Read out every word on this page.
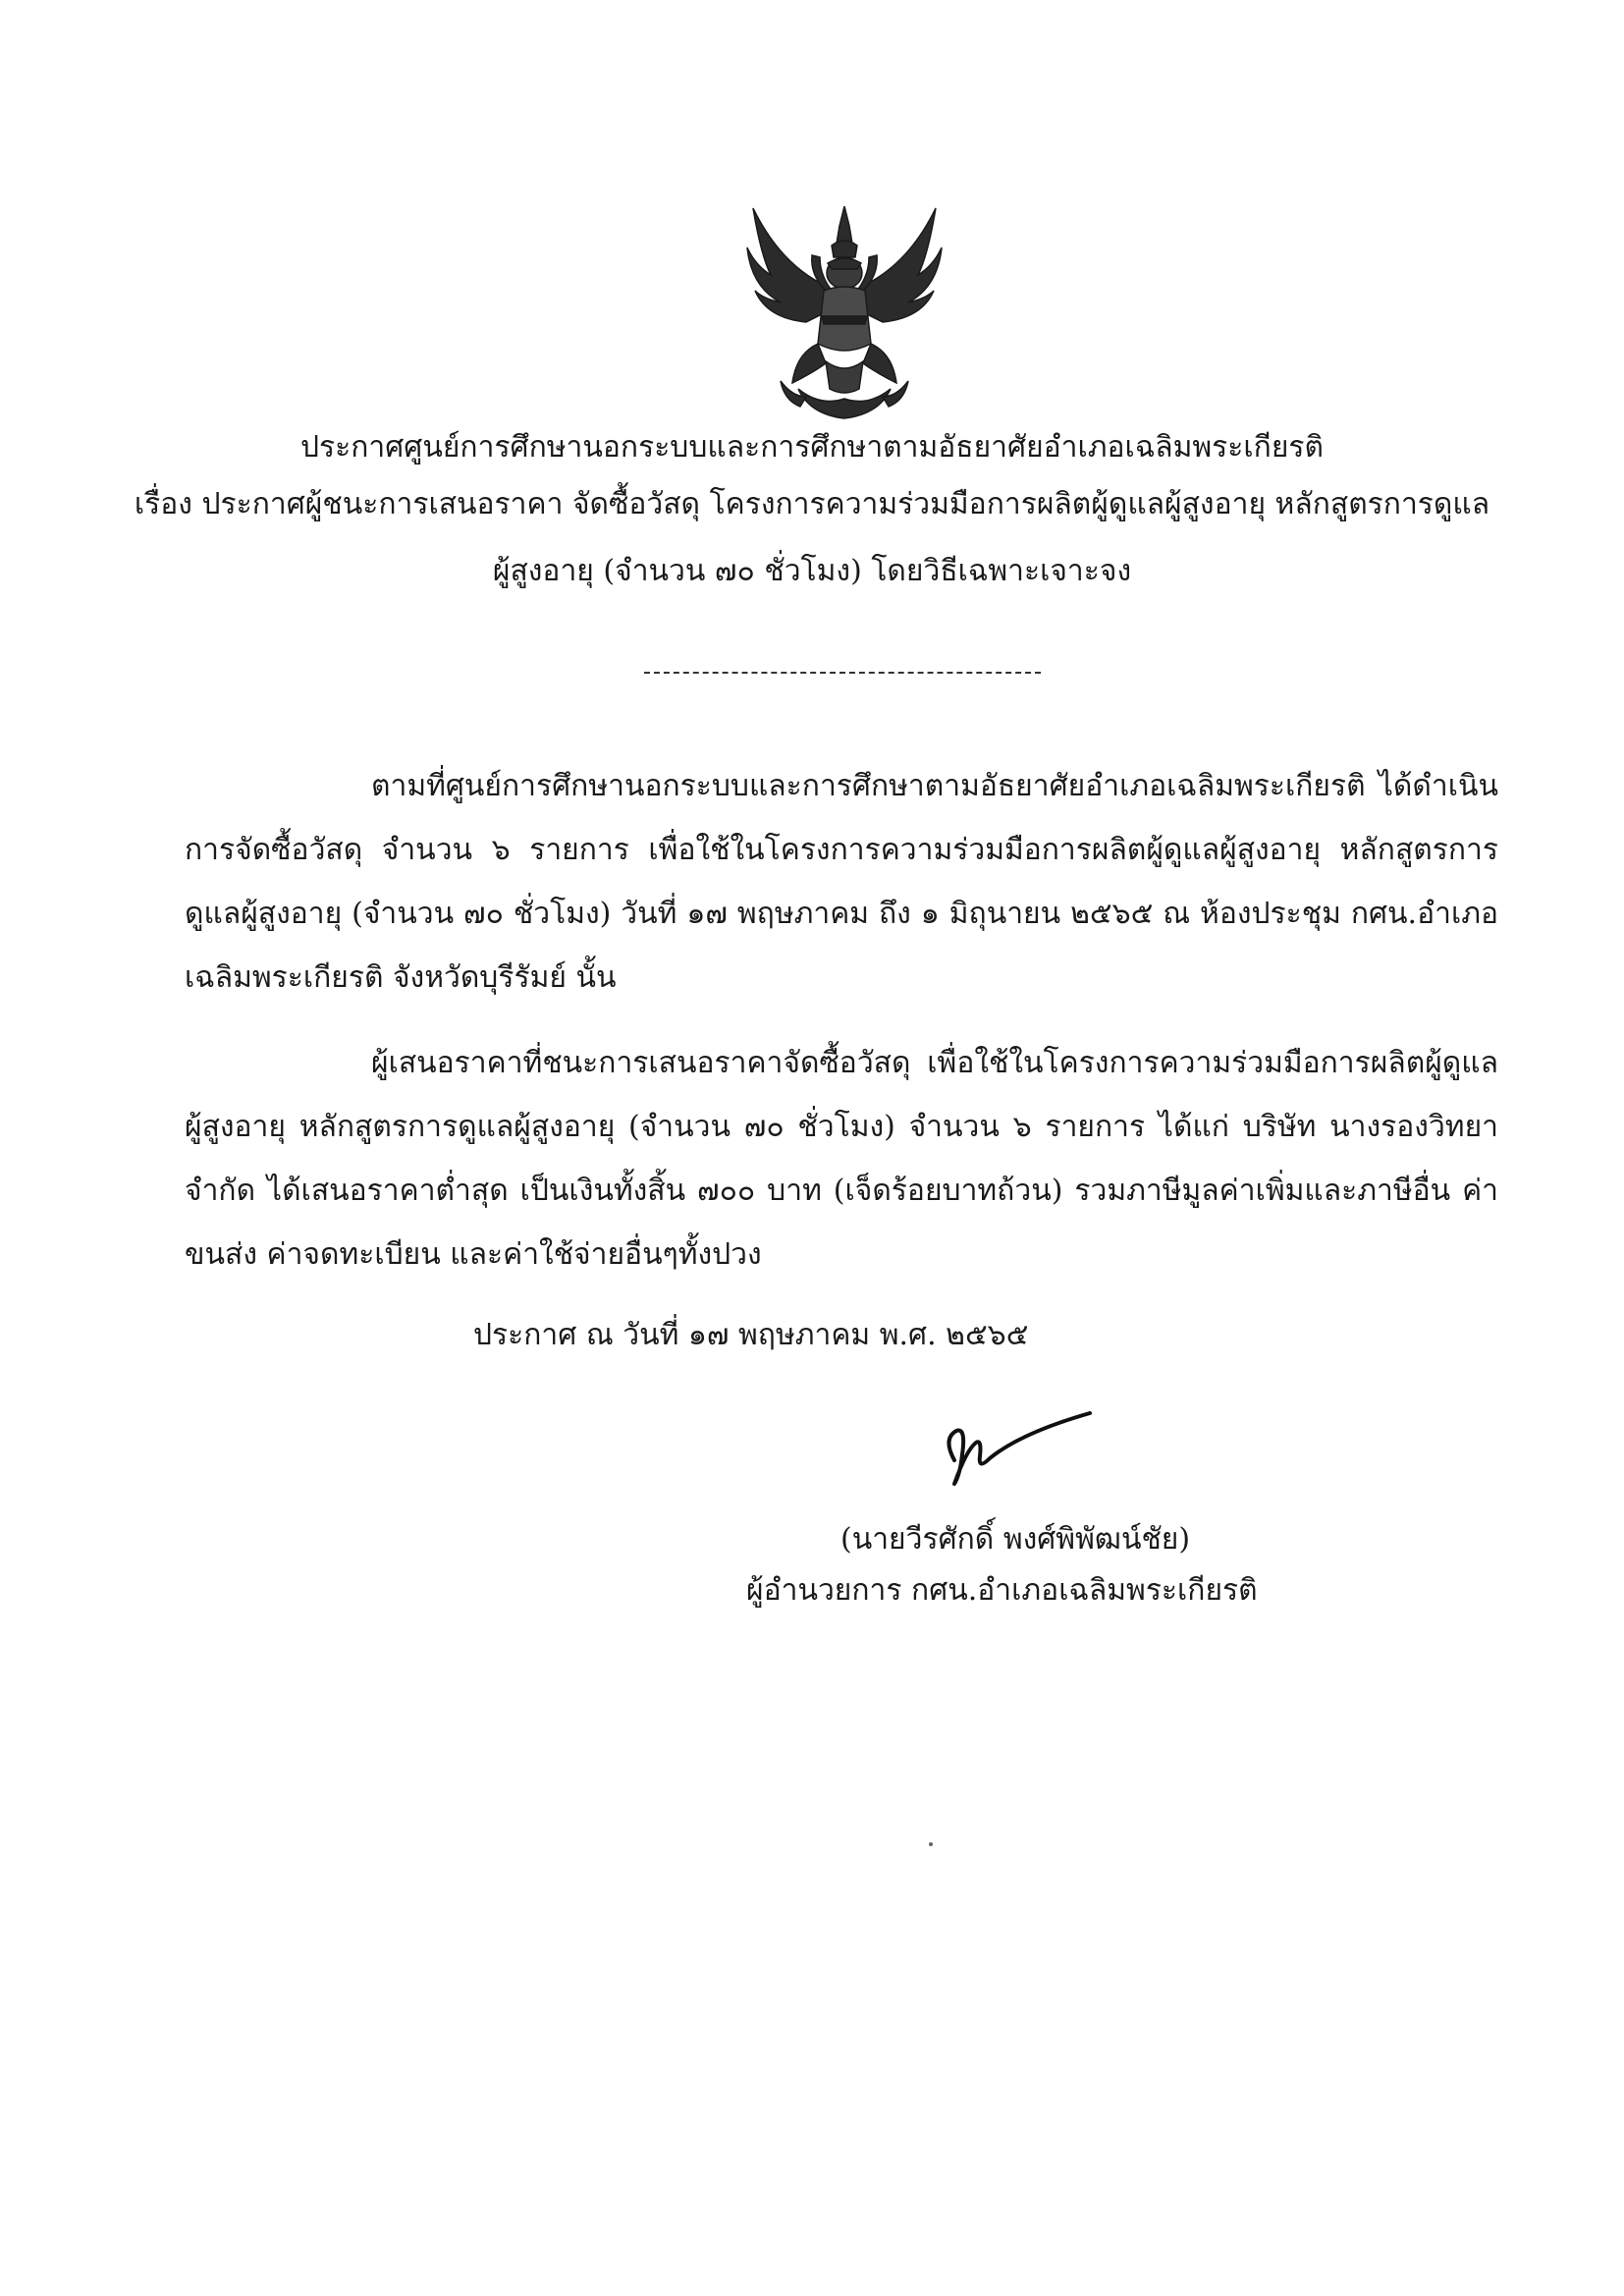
ประกาศศูนย์การศึกษานอกระบบและการศึกษาตามอัธยาศัยอำเภอเฉลิมพระเกียรติ
เรื่อง ประกาศผู้ชนะการเสนอราคา จัดซื้อวัสดุ โครงการความร่วมมือการผลิตผู้ดูแลผู้สูงอายุ หลักสูตรการดูแล
ผู้สูงอายุ (จำนวน ๗๐ ชั่วโมง) โดยวิธีเฉพาะเจาะจง
ตามที่ศูนย์การศึกษานอกระบบและการศึกษาตามอัธยาศัยอำเภอเฉลิมพระเกียรติ ได้ดำเนินการจัดซื้อวัสดุ จำนวน ๖ รายการ เพื่อใช้ในโครงการความร่วมมือการผลิตผู้ดูแลผู้สูงอายุ หลักสูตรการดูแลผู้สูงอายุ (จำนวน ๗๐ ชั่วโมง) วันที่ ๑๗ พฤษภาคม ถึง ๑ มิถุนายน ๒๕๖๕ ณ ห้องประชุม กศน.อำเภอเฉลิมพระเกียรติ จังหวัดบุรีรัมย์ นั้น
ผู้เสนอราคาที่ชนะการเสนอราคาจัดซื้อวัสดุ เพื่อใช้ในโครงการความร่วมมือการผลิตผู้ดูแลผู้สูงอายุ หลักสูตรการดูแลผู้สูงอายุ (จำนวน ๗๐ ชั่วโมง) จำนวน ๖ รายการ ได้แก่ บริษัท นางรองวิทยา จำกัด ได้เสนอราคาต่ำสุด เป็นเงินทั้งสิ้น ๗๐๐ บาท (เจ็ดร้อยบาทถ้วน) รวมภาษีมูลค่าเพิ่มและภาษีอื่น ค่าขนส่ง ค่าจดทะเบียน และค่าใช้จ่ายอื่นๆทั้งปวง
ประกาศ ณ วันที่ ๑๗ พฤษภาคม พ.ศ. ๒๕๖๕
(นายวีรศักดิ์ พงศ์พิพัฒน์ชัย)
ผู้อำนวยการ กศน.อำเภอเฉลิมพระเกียรติ
